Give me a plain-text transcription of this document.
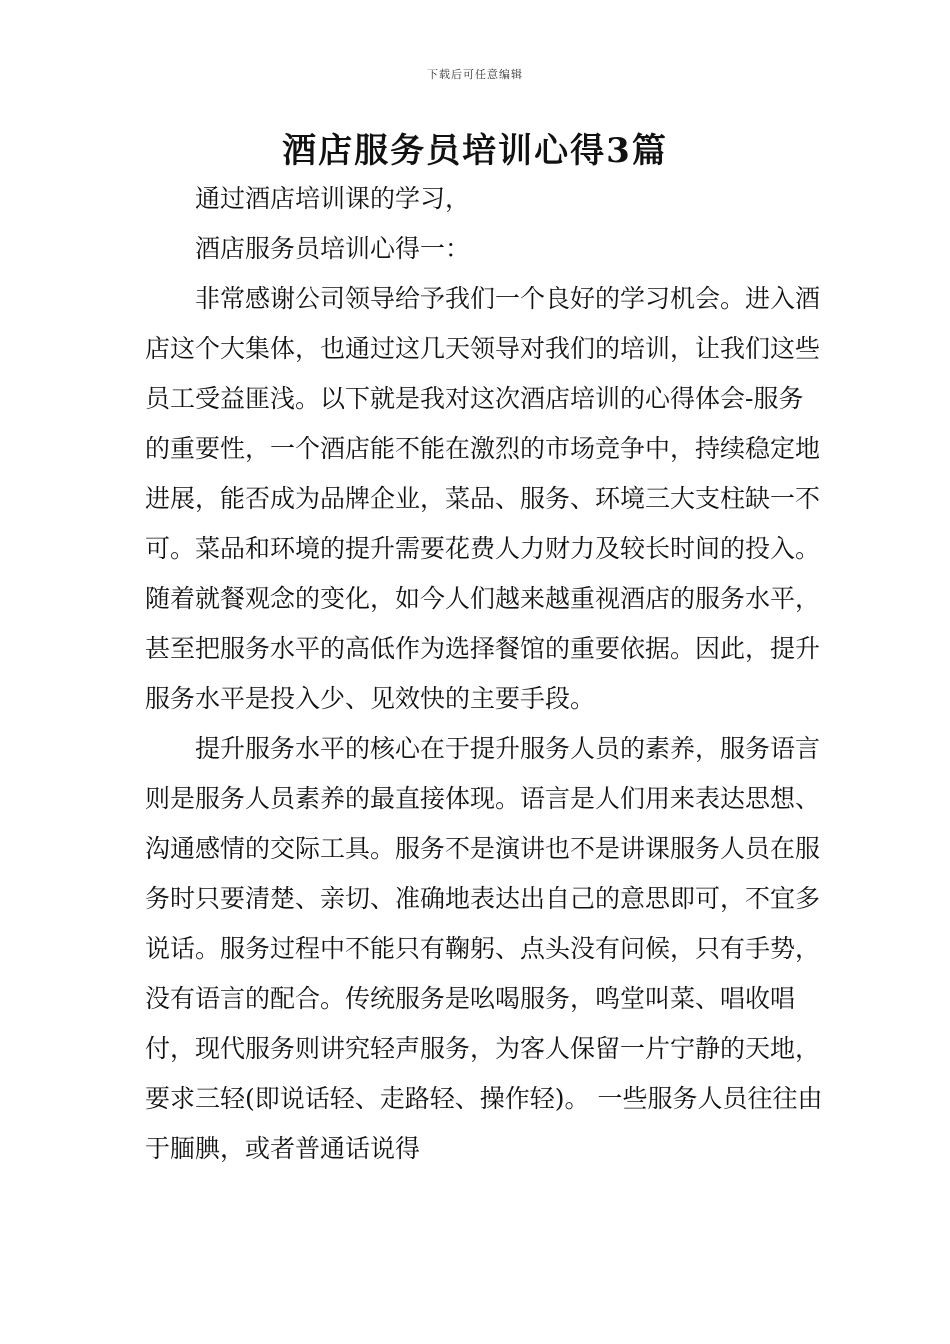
下载后可任意编辑
酒店服务员培训心得3篇

通过酒店培训课的学习，

酒店服务员培训心得一：

非常感谢公司领导给予我们一个良好的学习机会。进入酒店这个大集体，也通过这几天领导对我们的培训，让我们这些员工受益匪浅。以下就是我对这次酒店培训的心得体会-服务的重要性，一个酒店能不能在激烈的市场竞争中，持续稳定地进展，能否成为品牌企业，菜品、服务、环境三大支柱缺一不可。菜品和环境的提升需要花费人力财力及较长时间的投入。随着就餐观念的变化，如今人们越来越重视酒店的服务水平，甚至把服务水平的高低作为选择餐馆的重要依据。因此，提升服务水平是投入少、见效快的主要手段。

提升服务水平的核心在于提升服务人员的素养，服务语言则是服务人员素养的最直接体现。语言是人们用来表达思想、沟通感情的交际工具。服务不是演讲也不是讲课服务人员在服务时只要清楚、亲切、准确地表达出自己的意思即可，不宜多说话。服务过程中不能只有鞠躬、点头没有问候，只有手势，没有语言的配合。传统服务是吆喝服务，鸣堂叫菜、唱收唱付，现代服务则讲究轻声服务，为客人保留一片宁静的天地，要求三轻(即说话轻、走路轻、操作轻)。 一些服务人员往往由于腼腆，或者普通话说得
